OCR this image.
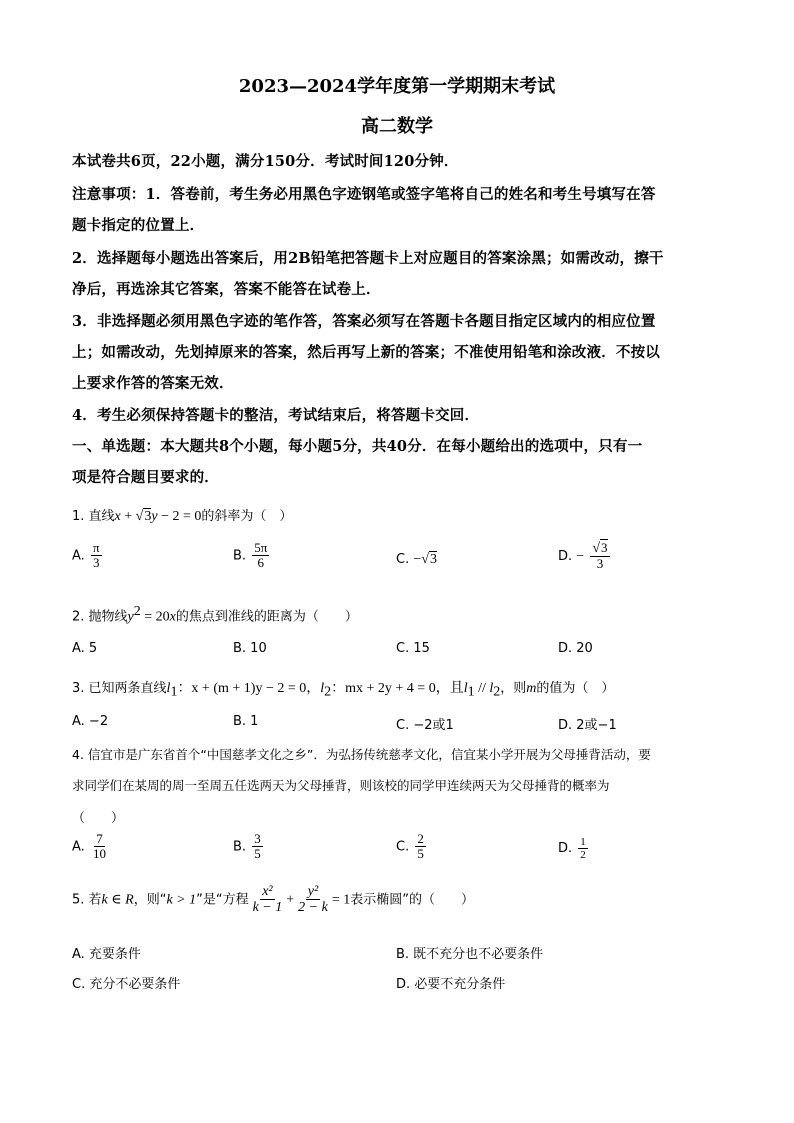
2023—2024学年度第一学期期末考试
高二数学
本试卷共6页，22小题，满分150分．考试时间120分钟．
注意事项：1．答卷前，考生务必用黑色字迹钢笔或签字笔将自己的姓名和考生号填写在答
题卡指定的位置上．
2．选择题每小题选出答案后，用2B铅笔把答题卡上对应题目的答案涂黑；如需改动，擦干
净后，再选涂其它答案，答案不能答在试卷上．
3．非选择题必须用黑色字迹的笔作答，答案必须写在答题卡各题目指定区域内的相应位置
上；如需改动，先划掉原来的答案，然后再写上新的答案；不准使用铅笔和涂改液．不按以
上要求作答的答案无效．
4．考生必须保持答题卡的整洁，考试结束后，将答题卡交回．
一、单选题：本大题共8个小题，每小题5分，共40分．在每小题给出的选项中，只有一
项是符合题目要求的．
1. 直线x + √3y − 2 = 0的斜率为（　）
A. $\frac{\pi}{3}$	B. $\frac{5\pi}{6}$	C. −√3	D. − $\frac{√3}{3}$
2. 抛物线$y^2 = 20x$的焦点到准线的距离为（　　）
A. 5	B. 10	C. 15	D. 20
3. 已知两条直线$l_1$：x + (m + 1)y − 2 = 0，$l_2$：mx + 2y + 4 = 0，且$l_1 // l_2$，则m的值为（　）
A. −2	B. 1	C. −2或1	D. 2或−1
4. 信宜市是广东省首个“中国慈孝文化之乡”．为弘扬传统慈孝文化，信宜某小学开展为父母捶背活动，要
求同学们在某周的周一至周五任选两天为父母捶背，则该校的同学甲连续两天为父母捶背的概率为
（　　）
A. $\frac{7}{10}$	B. $\frac{3}{5}$	C. $\frac{2}{5}$	D. $\frac{1}{2}$
5. 若k ∈ R，则“k > 1”是“方程 $\frac{\text{x²}}{k - 1} + \frac{\text{y²}}{2 - k} = 1$表示椭圆”的（　　）
A. 充要条件	B. 既不充分也不必要条件
C. 充分不必要条件	D. 必要不充分条件
